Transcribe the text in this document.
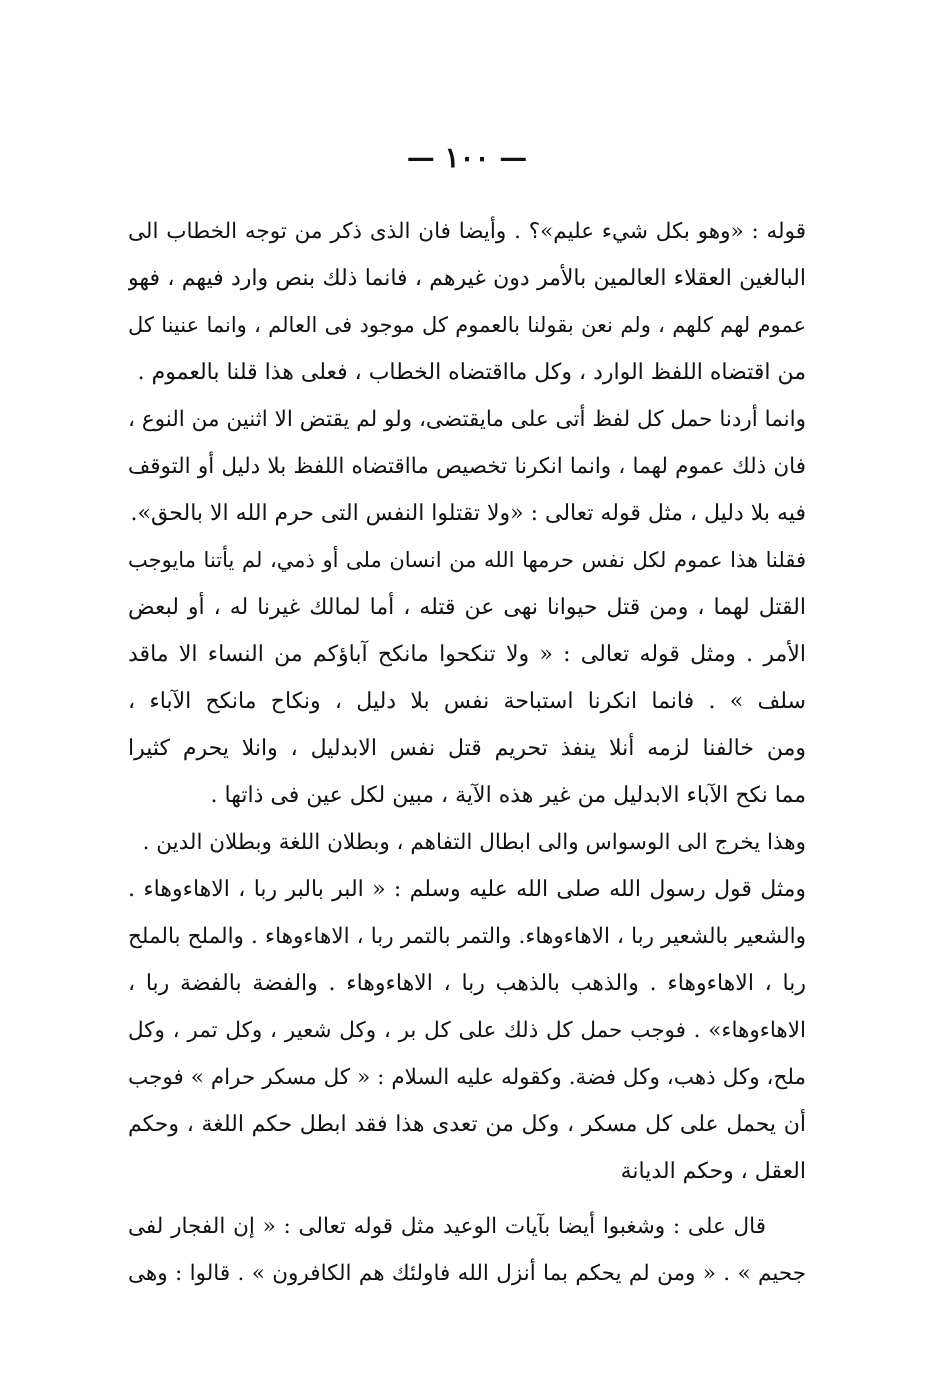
— ١٠٠ —
قوله : «وهو بكل شيء عليم»؟ . وأيضا فان الذى ذكر من توجه الخطاب الى
البالغين العقلاء العالمين بالأمر دون غيرهم ، فانما ذلك بنص وارد فيهم ، فهو
عموم لهم كلهم ، ولم نعن بقولنا بالعموم كل موجود فى العالم ، وانما عنينا كل
من اقتضاه اللفظ الوارد ، وكل مااقتضاه الخطاب ، فعلى هذا قلنا بالعموم .
وانما أردنا حمل كل لفظ أتى على مايقتضى، ولو لم يقتض الا اثنين من النوع ،
فان ذلك عموم لهما ، وانما انكرنا تخصيص مااقتضاه اللفظ بلا دليل أو التوقف
فيه بلا دليل ، مثل قوله تعالى : «ولا تقتلوا النفس التى حرم الله الا بالحق».
فقلنا هذا عموم لكل نفس حرمها الله من انسان ملى أو ذمي، لم يأتنا مايوجب
القتل لهما ، ومن قتل حيوانا نهى عن قتله ، أما لمالك غيرنا له ، أو لبعض
الأمر . ومثل قوله تعالى : « ولا تنكحوا مانكح آباؤكم من النساء الا ماقد
سلف » . فانما انكرنا استباحة نفس بلا دليل ، ونكاح مانكح الآباء ،
ومن خالفنا لزمه أنلا ينفذ تحريم قتل نفس الابدليل ، وانلا يحرم كثيرا
مما نكح الآباء الابدليل من غير هذه الآية ، مبين لكل عين فى ذاتها .
وهذا يخرج الى الوسواس والى ابطال التفاهم ، وبطلان اللغة وبطلان الدين .
ومثل قول رسول الله صلى الله عليه وسلم : « البر بالبر ربا ، الاهاءوهاء .
والشعير بالشعير ربا ، الاهاءوهاء. والتمر بالتمر ربا ، الاهاءوهاء . والملح بالملح
ربا ، الاهاءوهاء . والذهب بالذهب ربا ، الاهاءوهاء . والفضة بالفضة ربا ،
الاهاءوهاء» . فوجب حمل كل ذلك على كل بر ، وكل شعير ، وكل تمر ، وكل
ملح، وكل ذهب، وكل فضة. وكقوله عليه السلام : « كل مسكر حرام » فوجب
أن يحمل على كل مسكر ، وكل من تعدى هذا فقد ابطل حكم اللغة ، وحكم
العقل ، وحكم الديانة
قال على : وشغبوا أيضا بآيات الوعيد مثل قوله تعالى : « إن الفجار لفى
جحيم » . « ومن لم يحكم بما أنزل الله فاولئك هم الكافرون » . قالوا : وهى
